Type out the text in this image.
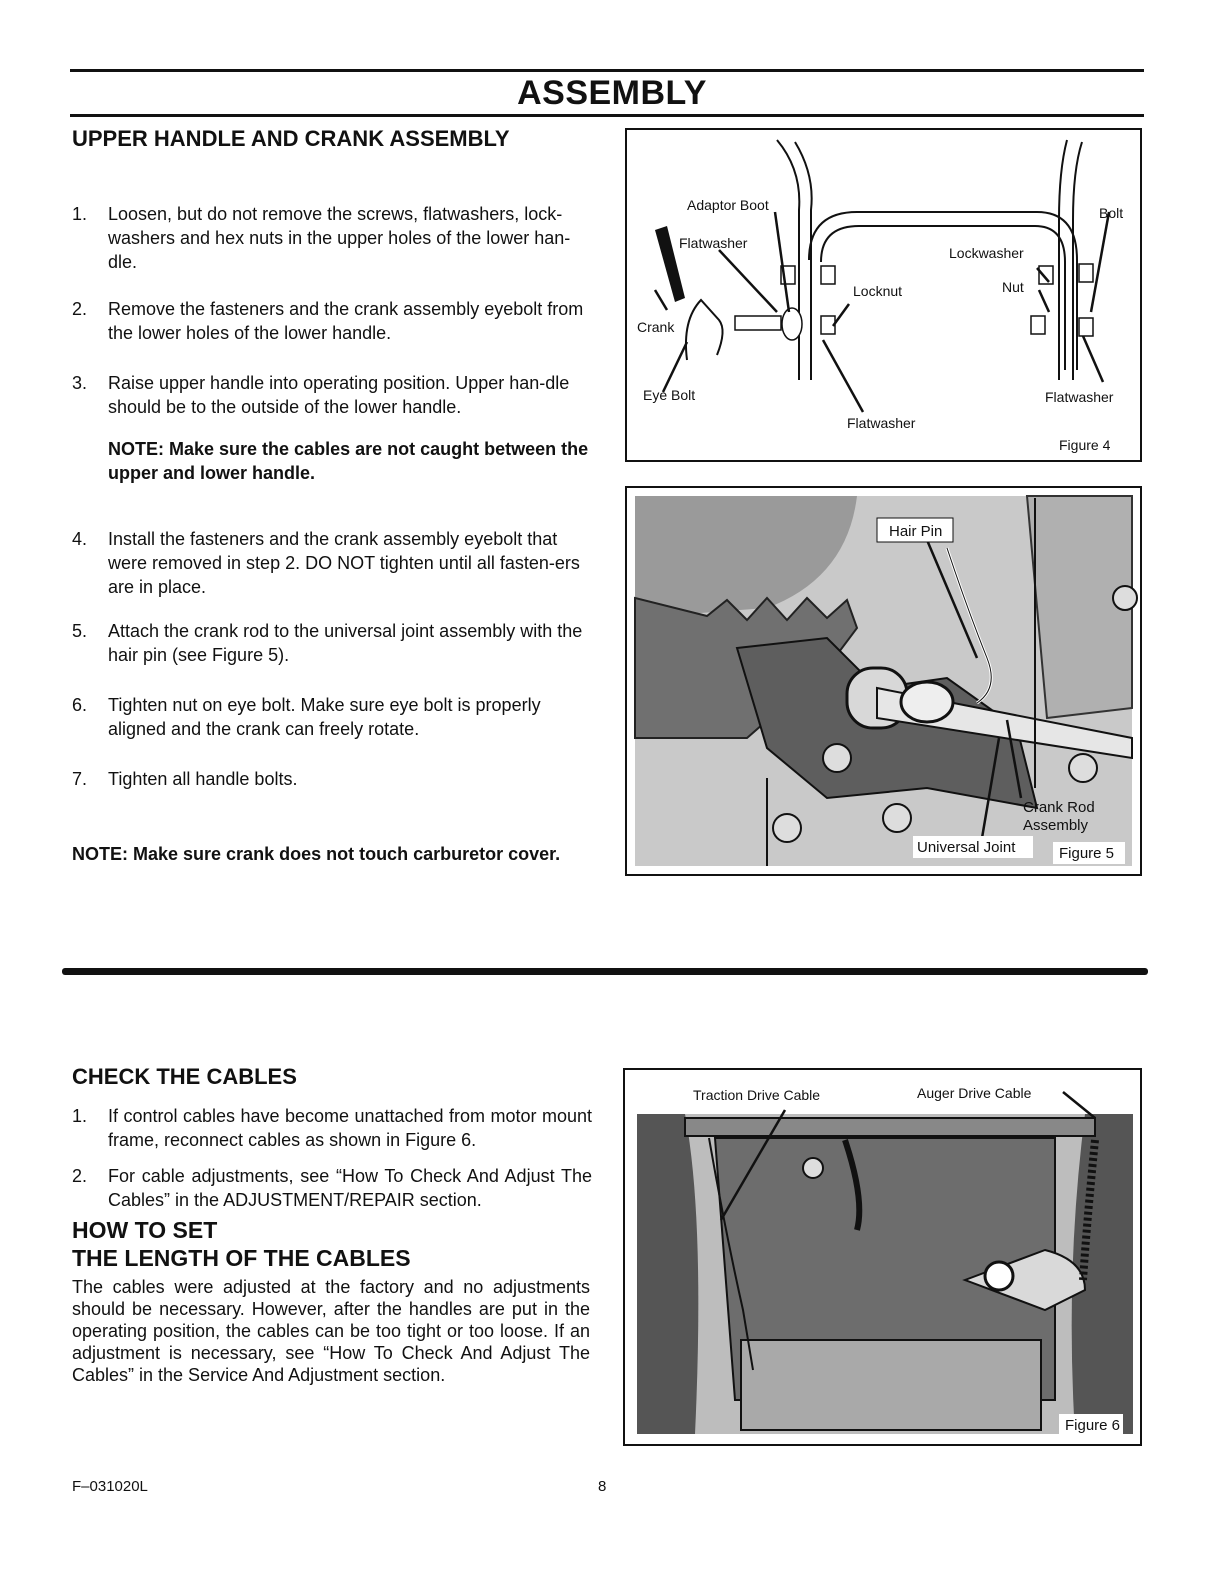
ASSEMBLY
UPPER HANDLE AND CRANK ASSEMBLY
1. Loosen, but do not remove the screws, flatwashers, lock-washers and hex nuts in the upper holes of the lower han-dle.
2. Remove the fasteners and the crank assembly eyebolt from the lower holes of the lower handle.
3. Raise upper handle into operating position. Upper han-dle should be to the outside of the lower handle.
NOTE: Make sure the cables are not caught between the upper and lower handle.
4. Install the fasteners and the crank assembly eyebolt that were removed in step 2. DO NOT tighten until all fasten-ers are in place.
5. Attach the crank rod to the universal joint assembly with the hair pin (see Figure 5).
6. Tighten nut on eye bolt. Make sure eye bolt is properly aligned and the crank can freely rotate.
7. Tighten all handle bolts.
NOTE: Make sure crank does not touch carburetor cover.
Adaptor Boot	Bolt
Flatwasher
Lockwasher
Locknut	Nut
Crank
Eye Bolt	Flatwasher
Flatwasher
Figure 4
Hair Pin
Crank Rod
Assembly
Universal Joint	Figure 5
CHECK THE CABLES
1. If control cables have become unattached from motor mount frame, reconnect cables as shown in Figure 6.
2. For cable adjustments, see “How To Check And Adjust The Cables” in the ADJUSTMENT/REPAIR section.
HOW TO SET
THE LENGTH OF THE CABLES

The cables were adjusted at the factory and no adjustments should be necessary. However, after the handles are put in the operating position, the cables can be too tight or too loose. If an adjustment is necessary, see “How To Check And Adjust The Cables” in the Service And Adjustment section.

Traction Drive Cable	Auger Drive Cable
Figure 6
F–031020L	8
